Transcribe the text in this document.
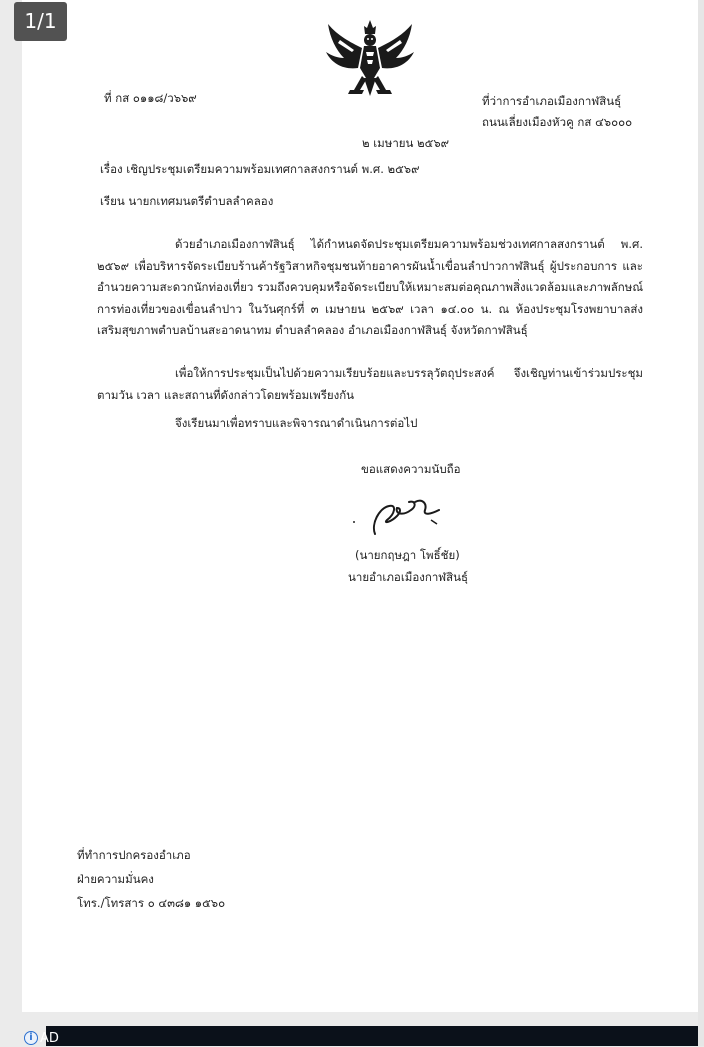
1/1
ที่ กส ๐๑๑๘/ว๖๖๙	ที่ว่าการอำเภอเมืองกาฬสินธุ์
ถนนเลี่ยงเมืองหัวคู กส ๔๖๐๐๐
๒ เมษายน ๒๕๖๙
เรื่อง เชิญประชุมเตรียมความพร้อมเทศกาลสงกรานต์ พ.ศ. ๒๕๖๙
เรียน นายกเทศมนตรีตำบลลำคลอง
ด้วยอำเภอเมืองกาฬสินธุ์ ได้กำหนดจัดประชุมเตรียมความพร้อมช่วงเทศกาลสงกรานต์ พ.ศ. ๒๕๖๙ เพื่อบริหารจัดระเบียบร้านค้ารัฐวิสาหกิจชุมชนท้ายอาคารผันน้ำเขื่อนลำปาวกาฬสินธุ์ ผู้ประกอบการ และอำนวยความสะดวกนักท่องเที่ยว รวมถึงควบคุมหรือจัดระเบียบให้เหมาะสมต่อคุณภาพสิ่งแวดล้อมและภาพลักษณ์การท่องเที่ยวของเขื่อนลำปาว ในวันศุกร์ที่ ๓ เมษายน ๒๕๖๙ เวลา ๑๔.๐๐ น. ณ ห้องประชุมโรงพยาบาลส่งเสริมสุขภาพตำบลบ้านสะอาดนาทม ตำบลลำคลอง อำเภอเมืองกาฬสินธุ์ จังหวัดกาฬสินธุ์
เพื่อให้การประชุมเป็นไปด้วยความเรียบร้อยและบรรลุวัตถุประสงค์ จึงเชิญท่านเข้าร่วมประชุมตามวัน เวลา และสถานที่ดังกล่าวโดยพร้อมเพรียงกัน
จึงเรียนมาเพื่อทราบและพิจารณาดำเนินการต่อไป
ขอแสดงความนับถือ
(นายกฤษฎา โพธิ์ชัย)
นายอำเภอเมืองกาฬสินธุ์
ที่ทำการปกครองอำเภอ
ฝ่ายความมั่นคง
โทร./โทรสาร ๐ ๔๓๘๑ ๑๕๖๐
i AD
